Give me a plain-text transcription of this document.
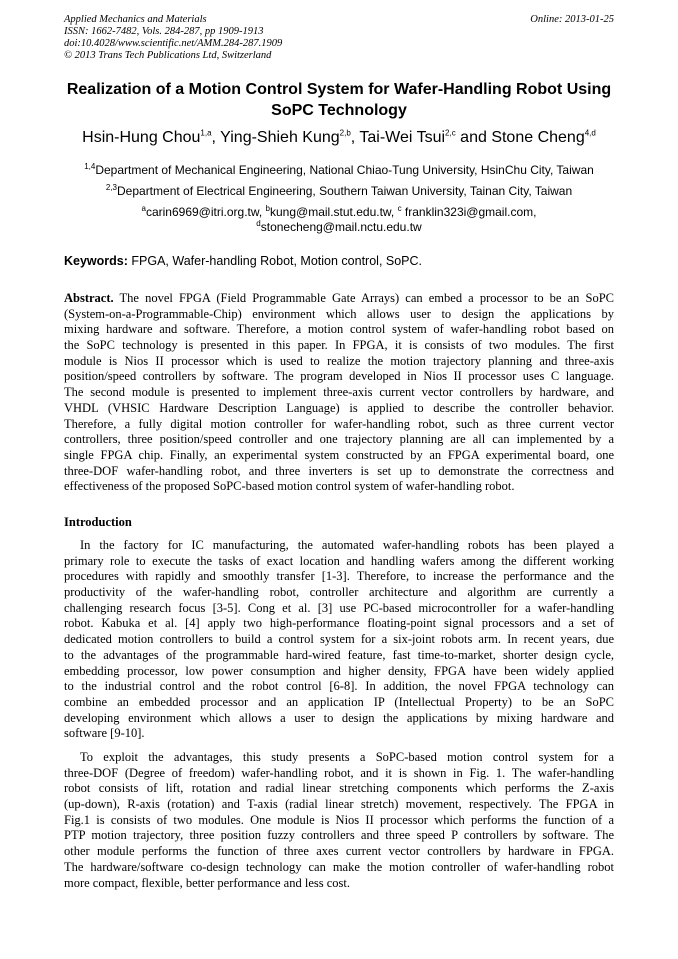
Applied Mechanics and Materials
ISSN: 1662-7482, Vols. 284-287, pp 1909-1913
doi:10.4028/www.scientific.net/AMM.284-287.1909
© 2013 Trans Tech Publications Ltd, Switzerland
Online: 2013-01-25
Realization of a Motion Control System for Wafer-Handling Robot Using
SoPC Technology
Hsin-Hung Chou$^{1,a}$, Ying-Shieh Kung$^{2,b}$, Tai-Wei Tsui$^{2,c}$ and Stone Cheng$^{4,d}$
$^{1,4}$Department of Mechanical Engineering, National Chiao-Tung University, HsinChu City, Taiwan
$^{2,3}$Department of Electrical Engineering, Southern Taiwan University, Tainan City, Taiwan
$^a$carin6969@itri.org.tw, $^b$kung@mail.stut.edu.tw, $^c$ franklin323i@gmail.com,
$^d$stonecheng@mail.nctu.edu.tw
Keywords: FPGA, Wafer-handling Robot, Motion control, SoPC.
Abstract. The novel FPGA (Field Programmable Gate Arrays) can embed a processor to be an SoPC
(System-on-a-Programmable-Chip) environment which allows user to design the applications by
mixing hardware and software. Therefore, a motion control system of wafer-handling robot based on
the SoPC technology is presented in this paper. In FPGA, it is consists of two modules. The first
module is Nios II processor which is used to realize the motion trajectory planning and three-axis
position/speed controllers by software. The program developed in Nios II processor uses C language.
The second module is presented to implement three-axis current vector controllers by hardware, and
VHDL (VHSIC Hardware Description Language) is applied to describe the controller behavior.
Therefore, a fully digital motion controller for wafer-handling robot, such as three current vector
controllers, three position/speed controller and one trajectory planning are all can implemented by a
single FPGA chip. Finally, an experimental system constructed by an FPGA experimental board, one
three-DOF wafer-handling robot, and three inverters is set up to demonstrate the correctness and
effectiveness of the proposed SoPC-based motion control system of wafer-handling robot.
Introduction
In the factory for IC manufacturing, the automated wafer-handling robots has been played a
primary role to execute the tasks of exact location and handling wafers among the different working
procedures with rapidly and smoothly transfer [1-3]. Therefore, to increase the performance and the
productivity of the wafer-handling robot, controller architecture and algorithm are currently a
challenging research focus [3-5]. Cong et al. [3] use PC-based microcontroller for a wafer-handling
robot. Kabuka et al. [4] apply two high-performance floating-point signal processors and a set of
dedicated motion controllers to build a control system for a six-joint robots arm. In recent years, due
to the advantages of the programmable hard-wired feature, fast time-to-market, shorter design cycle,
embedding processor, low power consumption and higher density, FPGA have been widely applied
to the industrial control and the robot control [6-8]. In addition, the novel FPGA technology can
combine an embedded processor and an application IP (Intellectual Property) to be an SoPC
developing environment which allows a user to design the applications by mixing hardware and
software [9-10].
To exploit the advantages, this study presents a SoPC-based motion control system for a
three-DOF (Degree of freedom) wafer-handling robot, and it is shown in Fig. 1. The wafer-handling
robot consists of lift, rotation and radial linear stretching components which performs the Z-axis
(up-down), R-axis (rotation) and T-axis (radial linear stretch) movement, respectively. The FPGA in
Fig.1 is consists of two modules. One module is Nios II processor which performs the function of a
PTP motion trajectory, three position fuzzy controllers and three speed P controllers by software. The
other module performs the function of three axes current vector controllers by hardware in FPGA.
The hardware/software co-design technology can make the motion controller of wafer-handling robot
more compact, flexible, better performance and less cost.
